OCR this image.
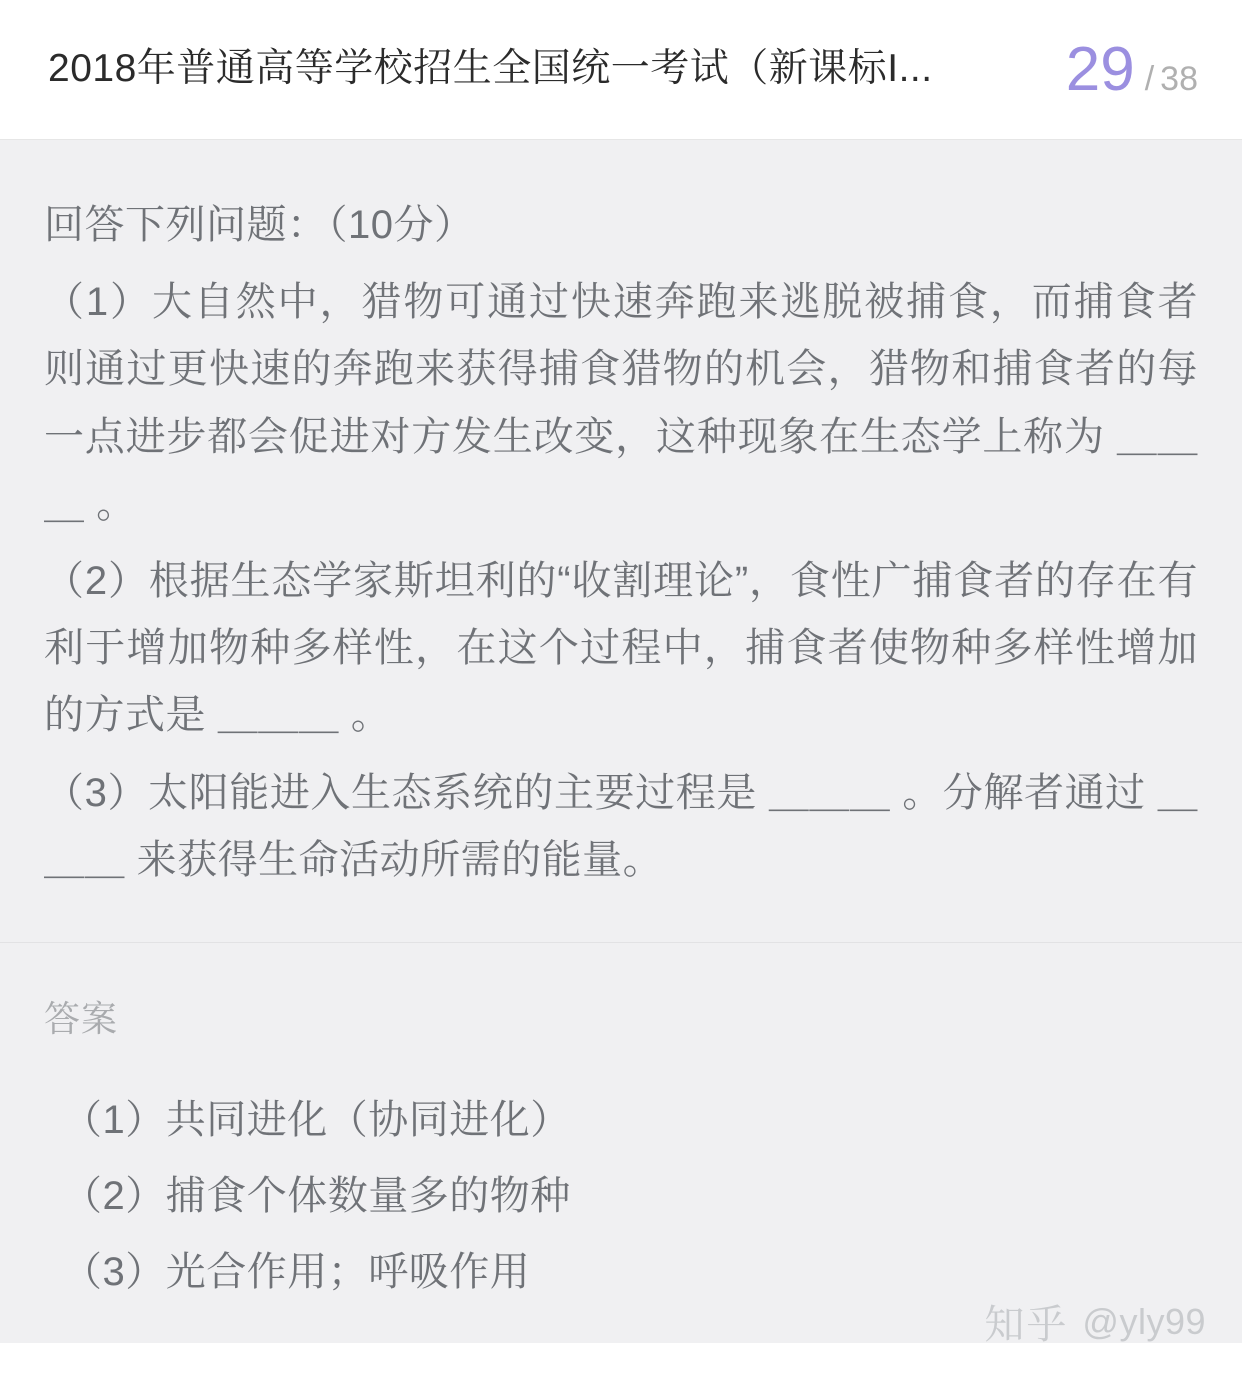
2018年普通高等学校招生全国统一考试（新课标I...	29 / 38
回答下列问题：（10分）
（1）大自然中，猎物可通过快速奔跑来逃脱被捕食，而捕食者则通过更快速的奔跑来获得捕食猎物的机会，猎物和捕食者的每一点进步都会促进对方发生改变，这种现象在生态学上称为 ＿＿＿ 。
（2）根据生态学家斯坦利的“收割理论”，食性广捕食者的存在有利于增加物种多样性，在这个过程中，捕食者使物种多样性增加的方式是 ＿＿＿ 。
（3）太阳能进入生态系统的主要过程是 ＿＿＿ 。分解者通过 ＿＿＿ 来获得生命活动所需的能量。
答案
（1）共同进化（协同进化）
（2）捕食个体数量多的物种
（3）光合作用；呼吸作用
知乎 @yly99
